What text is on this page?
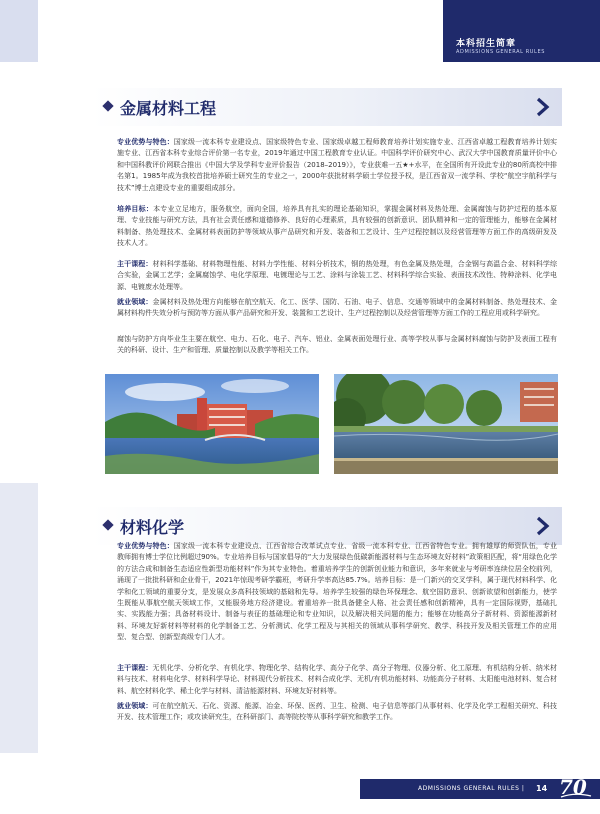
本科招生简章
ADMISSIONS GENERAL RULES
金属材料工程

专业优势与特色：国家级一流本科专业建设点、国家级特色专业、国家级卓越工程师教育培养计划实施专业、江西省卓越工程教育培养计划实施专业、江西省本科专业综合评价第一名专业，2019年通过中国工程教育专业认证。中国科学评价研究中心、武汉大学中国教育质量评价中心和中国科教评价网联合推出《中国大学及学科专业评价报告（2018–2019）》，专业获难一五★+水平，在全国所有开设此专业的80所高校中排名第1。1985年成为我校首批培养硕士研究生的专业之一，2000年获批材料学硕士学位授予权，是江西省双一流学科、学校“航空宇航科学与技术”博士点建设专业的重要组成部分。

培养目标：本专业立足地方，服务航空，面向全国，培养具有扎实的理论基础知识，掌握金属材料及热处理、金属腐蚀与防护过程的基本原理、专业技能与研究方法，具有社会责任感和道德修养、良好的心理素质，具有较强的创新意识、团队精神和一定的管理能力，能够在金属材料制备、热处理技术、金属材料表面防护等领域从事产品研究和开发、装备和工艺设计、生产过程控制以及经营管理等方面工作的高级研发及技术人才。

主干课程：材料科学基础、材料物理性能、材料力学性能、材料分析技术，钢的热处理，有色金属及热处理，合金钢与高温合金、材料科学综合实验，金属工艺学；金属腐蚀学、电化学原理、电镀理论与工艺、涂料与涂装工艺、材料科学综合实验、表面技术改性、特种涂料、化学电源、电镀废水处理等。

就业领域：金属材料及热处理方向能够在航空航天、化工、医学、国防、石油、电子、信息、交通等领域中的金属材料制备、热处理技术、金属材料构件失效分析与预防等方面从事产品研究和开发、装置和工艺设计、生产过程控制以及经营管理等方面工作的工程应用或科学研究。

腐蚀与防护方向毕业生主要在航空、电力、石化、电子、汽车、铝业、金属表面处理行业、高等学校从事与金属材料腐蚀与防护及表面工程有关的科研、设计、生产和管理、质量控制以及教学等相关工作。

材料化学

专业优势与特色：国家级一流本科专业建设点、江西省综合改革试点专业、省级一流本科专业、江西省特色专业。拥有雄厚的师资队伍，专业教师拥有博士学位比例超过90%。专业培养目标与国家倡导的“大力发展绿色低碳新能源材料与生态环境友好材料”政策相匹配，将“用绿色化学的方法合成和制备生态适应性新型功能材料”作为其专业特色。着重培养学生的创新创业能力和意识，多年来就业与考研率连续位居全校前列，涌现了一批批科研和企业骨干，2021年惊现考研学霸班，考研升学率高达85.7%。培养目标：是一门新兴的交叉学科，属于现代材料科学、化学和化工领域的重要分支，是发展众多高科技领域的基础和先导。培养学生较强的绿色环保理念、航空国防意识、创新欲望和创新能力，使学生既能从事航空航天领域工作，又能服务地方经济建设。着重培养一批具备健全人格、社会责任感和创新精神，具有一定国际视野，基础扎实、实践能力强；具备材料设计、制备与表征的基础理论和专业知识，以及解决相关问题的能力；能够在功能高分子新材料、资源能源新材料、环境友好新材料等材料的化学制备工艺、分析测试、化学工程及与其相关的领域从事科学研究、教学、科技开发及相关管理工作的应用型、复合型、创新型高级专门人才。

主干课程：无机化学、分析化学、有机化学、物理化学、结构化学、高分子化学、高分子物理、仪器分析、化工原理、有机结构分析、纳米材料与技术、材料电化学、材料科学导论、材料现代分析技术、材料合成化学、无机/有机功能材料、功能高分子材料、太阳能电池材料、复合材料、航空材料化学、稀土化学与材料、清洁能源材料、环境友好材料等。

就业领域：可在航空航天、石化、资源、能源、冶金、环保、医药、卫生、检测、电子信息等部门从事材料、化学及化学工程相关研究、科技开发、技术管理工作；或攻读研究生，在科研部门、高等院校等从事科学研究和教学工作。

ADMISSIONS GENERAL RULES | 14 70
